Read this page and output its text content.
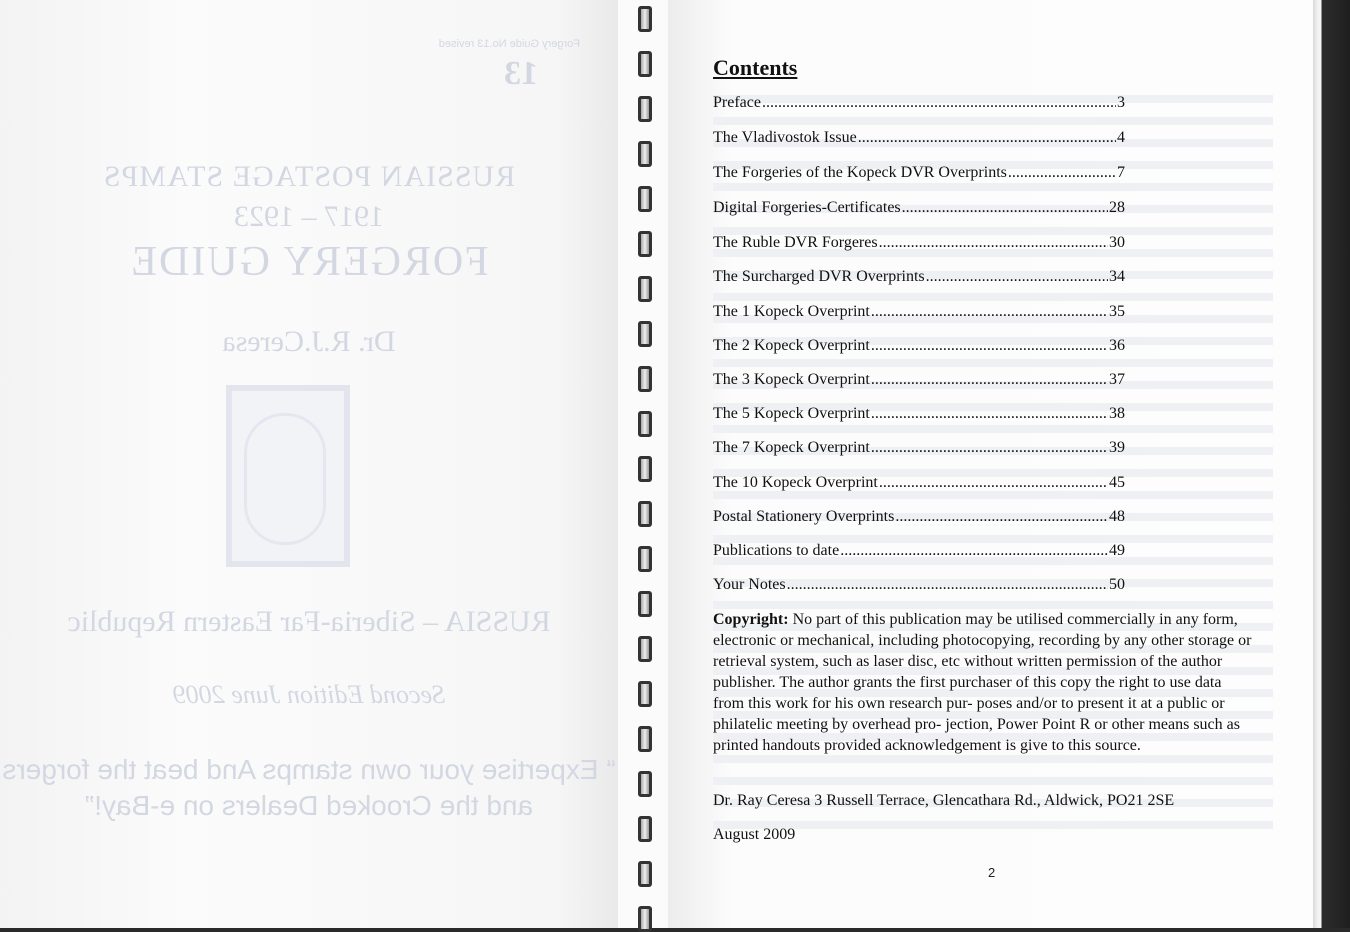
Forgery Guide No.13 revised
13
RUSSIAN POSTAGE STAMPS
1917 – 1923
FORGERY GUIDE
Dr. R.J.Ceresa
RUSSIA – Siberia-Far Eastern Republic
Second Edition June 2009
“ Expertise your own stamps And beat the forgers and the Crooked Dealers on e-Bay!”
Contents
Preface .....	3
The Vladivostok Issue .....	4
The Forgeries of the Kopeck DVR Overprints .....	7
Digital Forgeries-Certificates .....	28
The Ruble DVR Forgeres .....	30
The Surcharged DVR Overprints .....	34
The 1 Kopeck Overprint .....	35
The 2 Kopeck Overprint .....	36
The 3 Kopeck Overprint .....	37
The 5 Kopeck Overprint .....	38
The 7 Kopeck Overprint .....	39
The 10 Kopeck Overprint .....	45
Postal Stationery Overprints .....	48
Publications to date .....	49
Your Notes .....	50
Copyright: No part of this publication may be utilised commercially in any form, electronic or mechanical, including photocopying, recording by any other storage or retrieval system, such as laser disc, etc without written permission of the author publisher. The author grants the first purchaser of this copy the right to use data from this work for his own research pur- poses and/or to present it at a public or philatelic meeting by overhead pro- jection, Power Point R or other means such as printed handouts provided acknowledgement is give to this source.
Dr. Ray Ceresa 3 Russell Terrace, Glencathara Rd., Aldwick, PO21 2SE
August 2009
2
